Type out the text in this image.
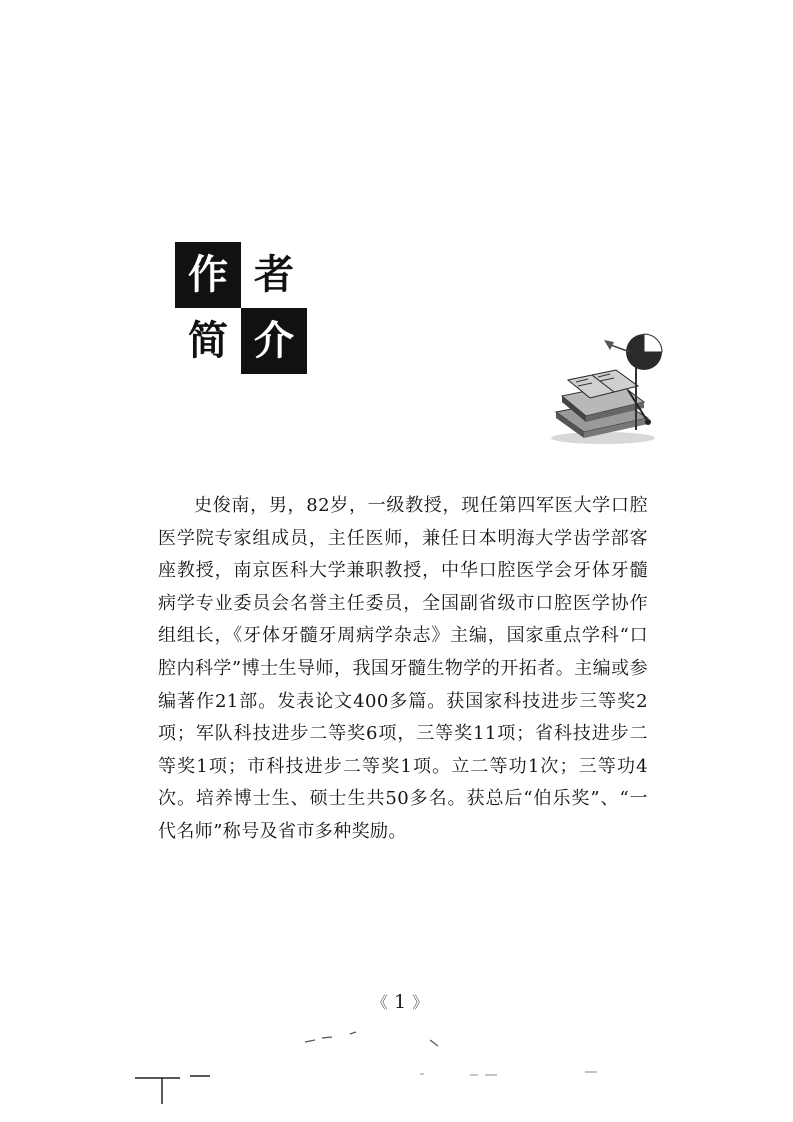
作 者
简 介

史俊南，男，82岁，一级教授，现任第四军医大学口腔医学院专家组成员，主任医师，兼任日本明海大学齿学部客座教授，南京医科大学兼职教授，中华口腔医学会牙体牙髓病学专业委员会名誉主任委员，全国副省级市口腔医学协作组组长，《牙体牙髓牙周病学杂志》主编，国家重点学科“口腔内科学”博士生导师，我国牙髓生物学的开拓者。主编或参编著作21部。发表论文400多篇。获国家科技进步三等奖2项；军队科技进步二等奖6项，三等奖11项；省科技进步二等奖1项；市科技进步二等奖1项。立二等功1次；三等功4次。培养博士生、硕士生共50多名。获总后“伯乐奖”、“一代名师”称号及省市多种奖励。

《 1 》
